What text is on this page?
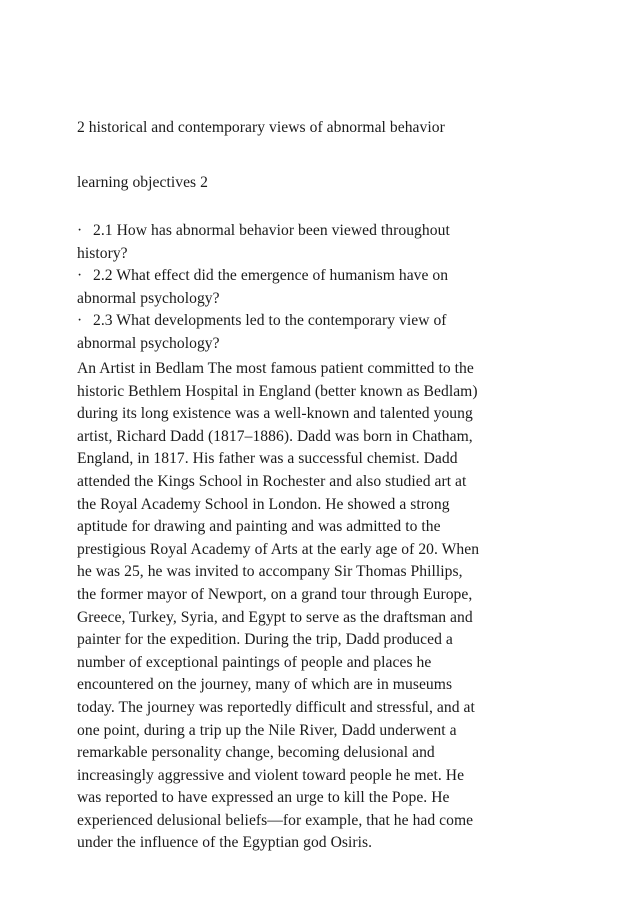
2 historical and contemporary views of abnormal behavior

learning objectives 2

· 2.1 How has abnormal behavior been viewed throughout
history?
· 2.2 What effect did the emergence of humanism have on
abnormal psychology?
· 2.3 What developments led to the contemporary view of
abnormal psychology?
An Artist in Bedlam The most famous patient committed to the
historic Bethlem Hospital in England (better known as Bedlam)
during its long existence was a well-known and talented young
artist, Richard Dadd (1817–1886). Dadd was born in Chatham,
England, in 1817. His father was a successful chemist. Dadd
attended the Kings School in Rochester and also studied art at
the Royal Academy School in London. He showed a strong
aptitude for drawing and painting and was admitted to the
prestigious Royal Academy of Arts at the early age of 20. When
he was 25, he was invited to accompany Sir Thomas Phillips,
the former mayor of Newport, on a grand tour through Europe,
Greece, Turkey, Syria, and Egypt to serve as the draftsman and
painter for the expedition. During the trip, Dadd produced a
number of exceptional paintings of people and places he
encountered on the journey, many of which are in museums
today. The journey was reportedly difficult and stressful, and at
one point, during a trip up the Nile River, Dadd underwent a
remarkable personality change, becoming delusional and
increasingly aggressive and violent toward people he met. He
was reported to have expressed an urge to kill the Pope. He
experienced delusional beliefs—for example, that he had come
under the influence of the Egyptian god Osiris.
